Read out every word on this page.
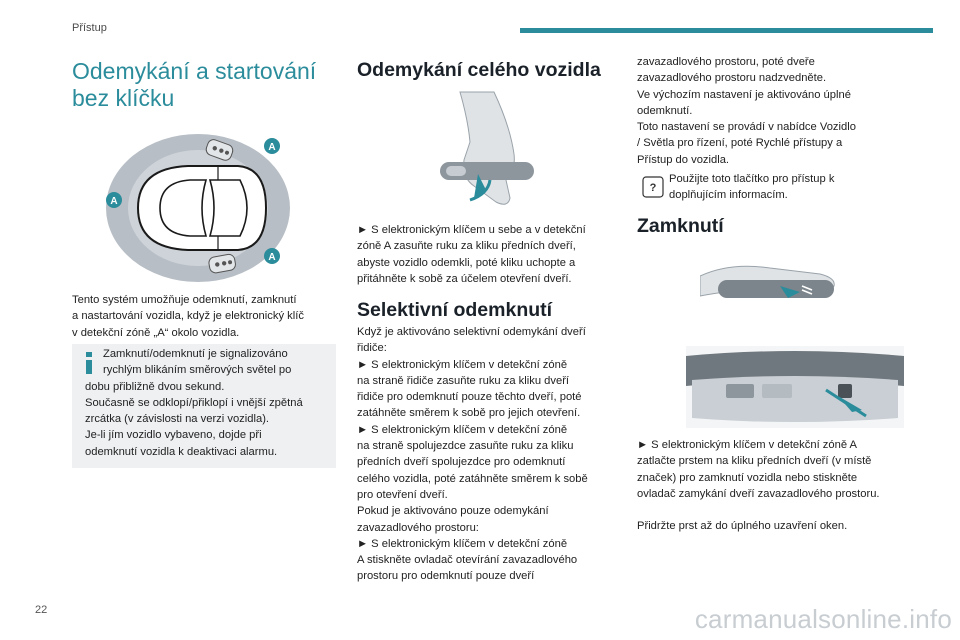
Přístup
Odemykání a startování
bez klíčku
A
A
A
Tento systém umožňuje odemknutí, zamknutí
a nastartování vozidla, když je elektronický klíč
v detekční zóně „A“ okolo vozidla.
Zamknutí/odemknutí je signalizováno
rychlým blikáním směrových světel po
dobu přibližně dvou sekund.
Současně se odklopí/přiklopí i vnější zpětná
zrcátka (v závislosti na verzi vozidla).
Je-li jím vozidlo vybaveno, dojde při
odemknutí vozidla k deaktivaci alarmu.
Odemykání celého vozidla
► S elektronickým klíčem u sebe a v detekční
zóně A zasuňte ruku za kliku předních dveří,
abyste vozidlo odemkli, poté kliku uchopte a
přitáhněte k sobě za účelem otevření dveří.
Selektivní odemknutí
Když je aktivováno selektivní odemykání dveří
řidiče:
► S elektronickým klíčem v detekční zóně
na straně řidiče zasuňte ruku za kliku dveří
řidiče pro odemknutí pouze těchto dveří, poté
zatáhněte směrem k sobě pro jejich otevření.
► S elektronickým klíčem v detekční zóně
na straně spolujezdce zasuňte ruku za kliku
předních dveří spolujezdce pro odemknutí
celého vozidla, poté zatáhněte směrem k sobě
pro otevření dveří.
Pokud je aktivováno pouze odemykání
zavazadlového prostoru:
► S elektronickým klíčem v detekční zóně
A stiskněte ovladač otevírání zavazadlového
prostoru pro odemknutí pouze dveří
zavazadlového prostoru, poté dveře
zavazadlového prostoru nadzvedněte.
Ve výchozím nastavení je aktivováno úplné
odemknutí.
Toto nastavení se provádí v nabídce Vozidlo
/ Světla pro řízení, poté Rychlé přístupy a
Přístup do vozidla.
?
Použijte toto tlačítko pro přístup k
doplňujícím informacím.
Zamknutí
► S elektronickým klíčem v detekční zóně A
zatlačte prstem na kliku předních dveří (v místě
značek) pro zamknutí vozidla nebo stiskněte
ovladač zamykání dveří zavazadlového prostoru.
Přidržte prst až do úplného uzavření oken.
22	carmanualsonline.info
